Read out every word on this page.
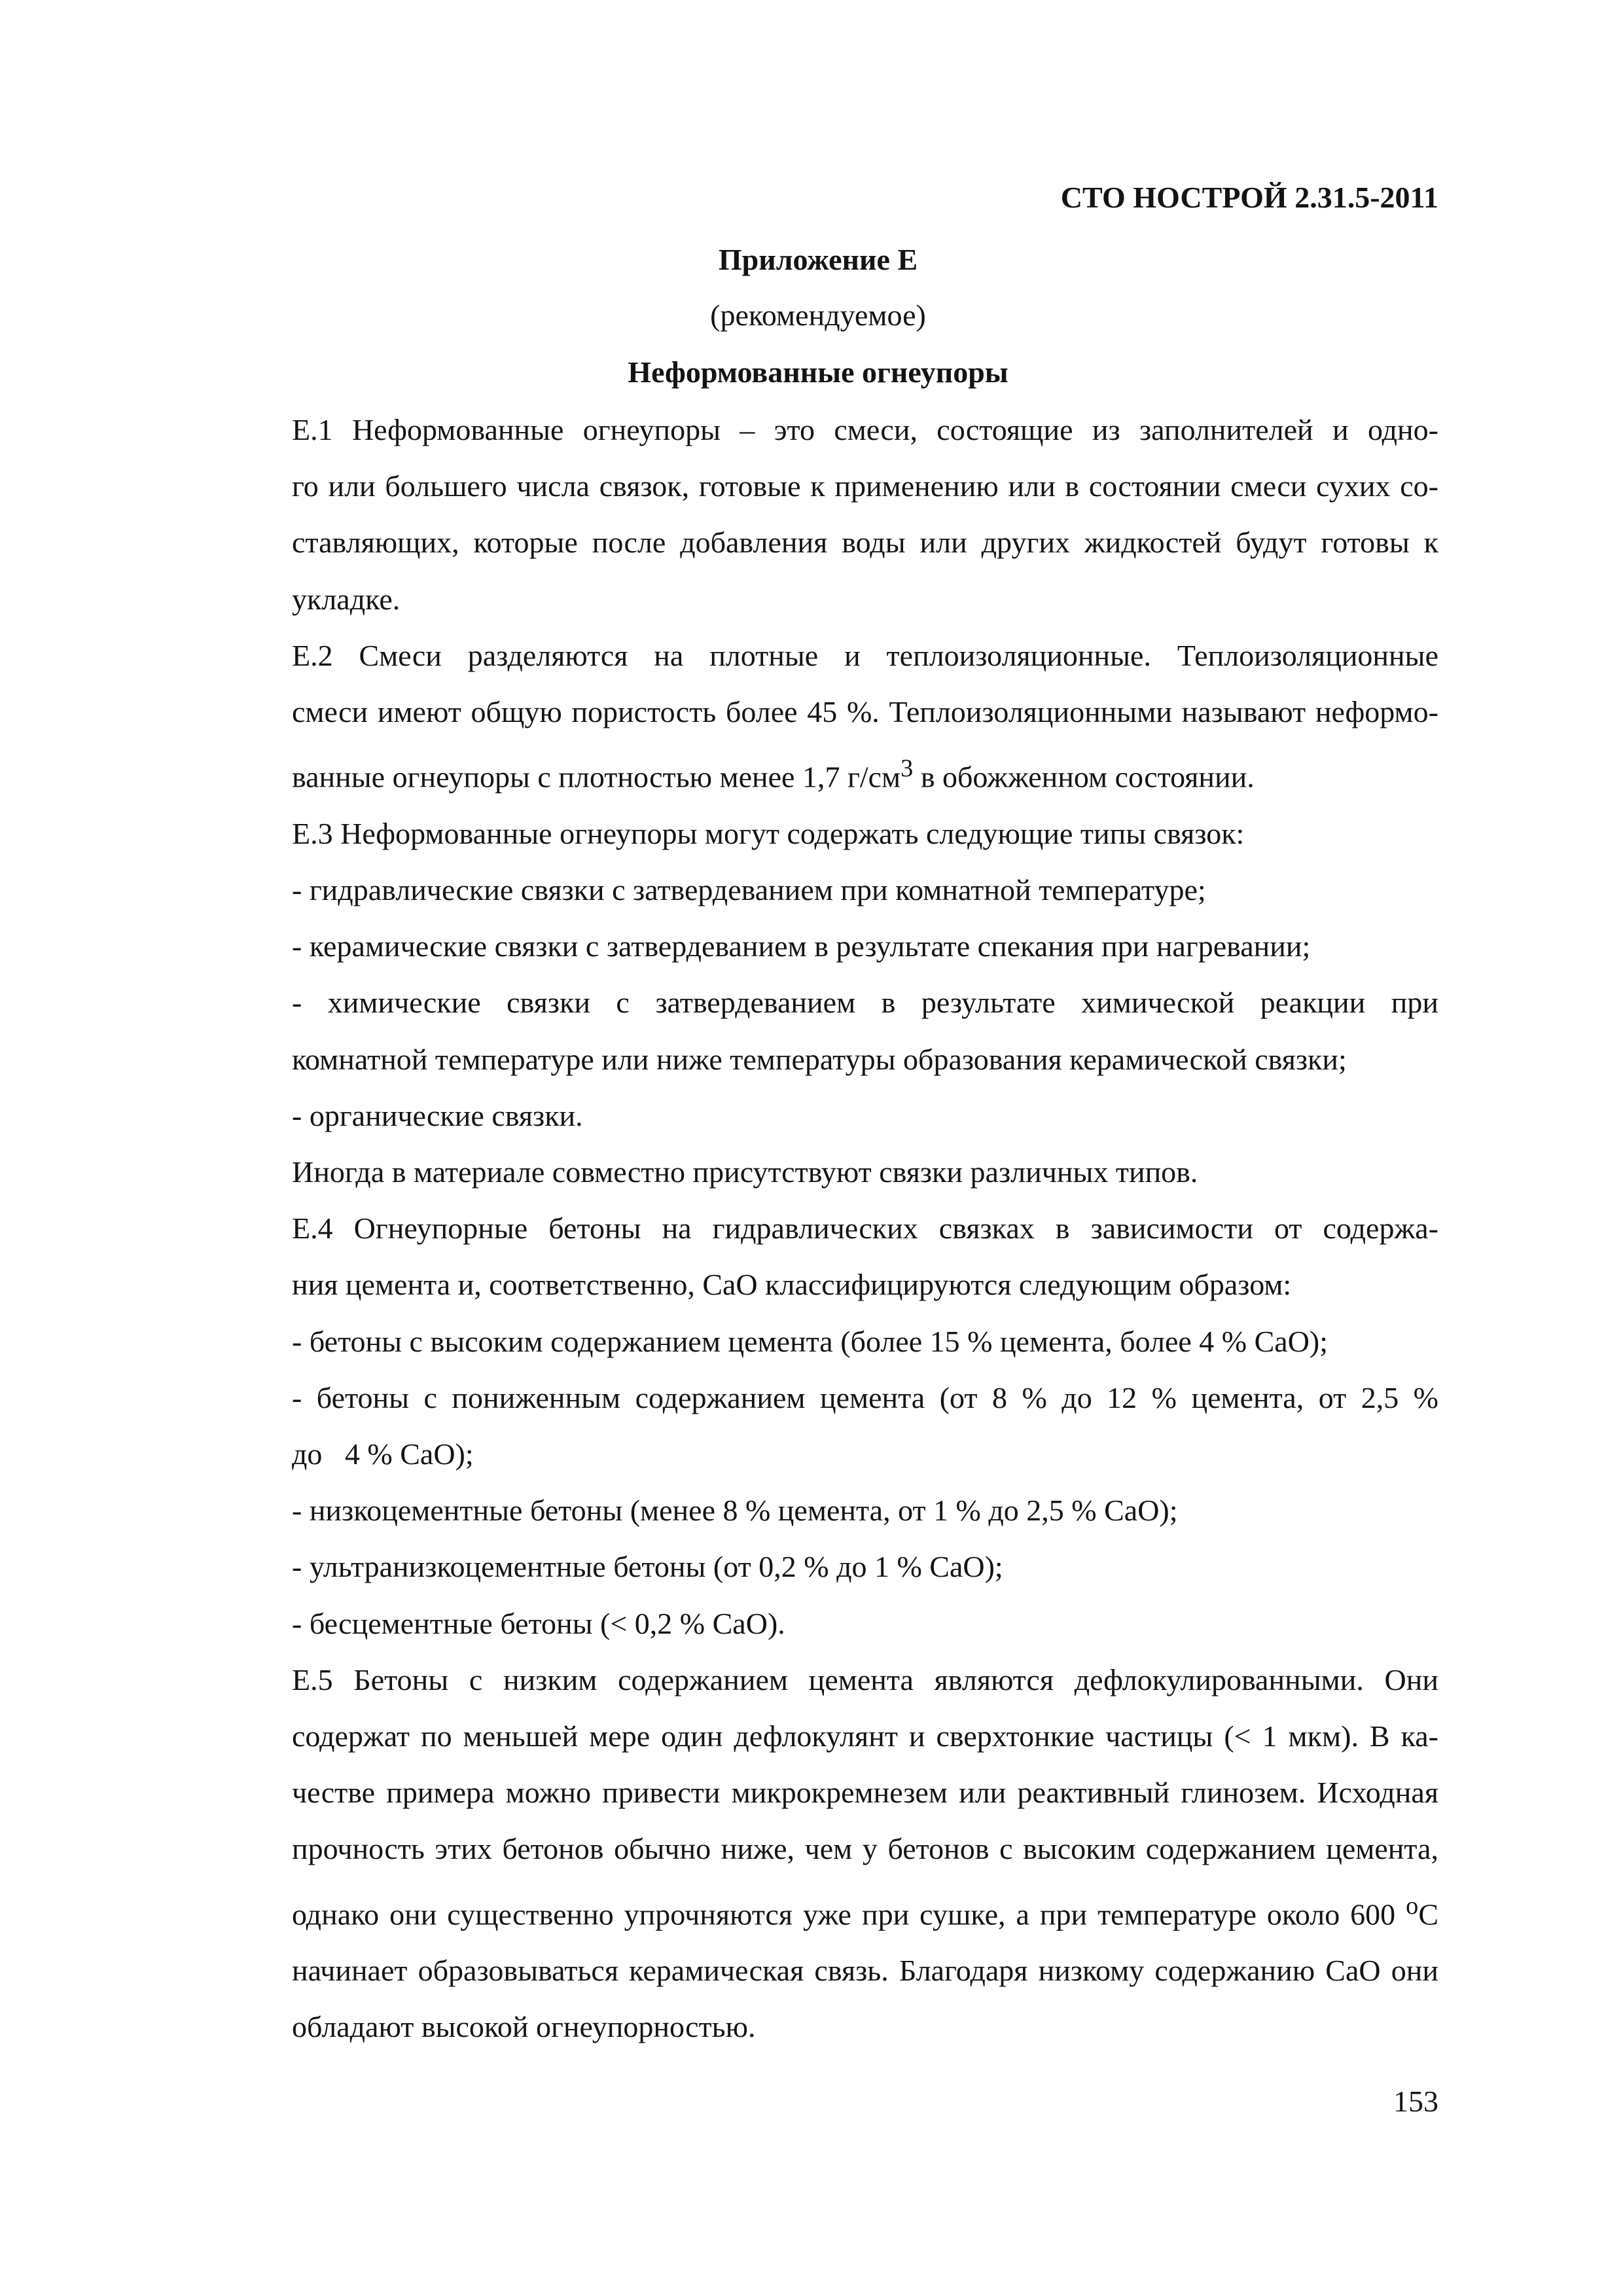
СТО НОСТРОЙ 2.31.5-2011
Приложение Е
(рекомендуемое)
Неформованные огнеупоры

Е.1 Неформованные огнеупоры – это смеси, состоящие из заполнителей и одно-
го или большего числа связок, готовые к применению или в состоянии смеси сухих со-
ставляющих, которые после добавления воды или других жидкостей будут готовы к
укладке.

Е.2 Смеси разделяются на плотные и теплоизоляционные. Теплоизоляционные
смеси имеют общую пористость более 45 %. Теплоизоляционными называют неформо-
ванные огнеупоры с плотностью менее 1,7 $г/см^3$ в обожженном состоянии.

Е.3 Неформованные огнеупоры могут содержать следующие типы связок:

- гидравлические связки с затвердеванием при комнатной температуре;

- керамические связки с затвердеванием в результате спекания при нагревании;

- химические связки с затвердеванием в результате химической реакции при
комнатной температуре или ниже температуры образования керамической связки;

- органические связки.

Иногда в материале совместно присутствуют связки различных типов.

Е.4 Огнеупорные бетоны на гидравлических связках в зависимости от содержа-
ния цемента и, соответственно, CaO классифицируются следующим образом:

- бетоны с высоким содержанием цемента (более 15 % цемента, более 4 % CaO);

- бетоны с пониженным содержанием цемента (от 8 % до 12 % цемента, от 2,5 %
до   4 % CaO);

- низкоцементные бетоны (менее 8 % цемента, от 1 % до 2,5 % CaO);

- ультранизкоцементные бетоны (от 0,2 % до 1 % CaO);

- бесцементные бетоны (< 0,2 % CaO).

Е.5 Бетоны с низким содержанием цемента являются дефлокулированными. Они
содержат по меньшей мере один дефлокулянт и сверхтонкие частицы (< 1 мкм). В ка-
честве примера можно привести микрокремнезем или реактивный глинозем. Исходная
прочность этих бетонов обычно ниже, чем у бетонов с высоким содержанием цемента,
однако они существенно упрочняются уже при сушке, а при температуре около 600 $^o$С
начинает образовываться керамическая связь. Благодаря низкому содержанию CaO они
обладают высокой огнеупорностью.

153
